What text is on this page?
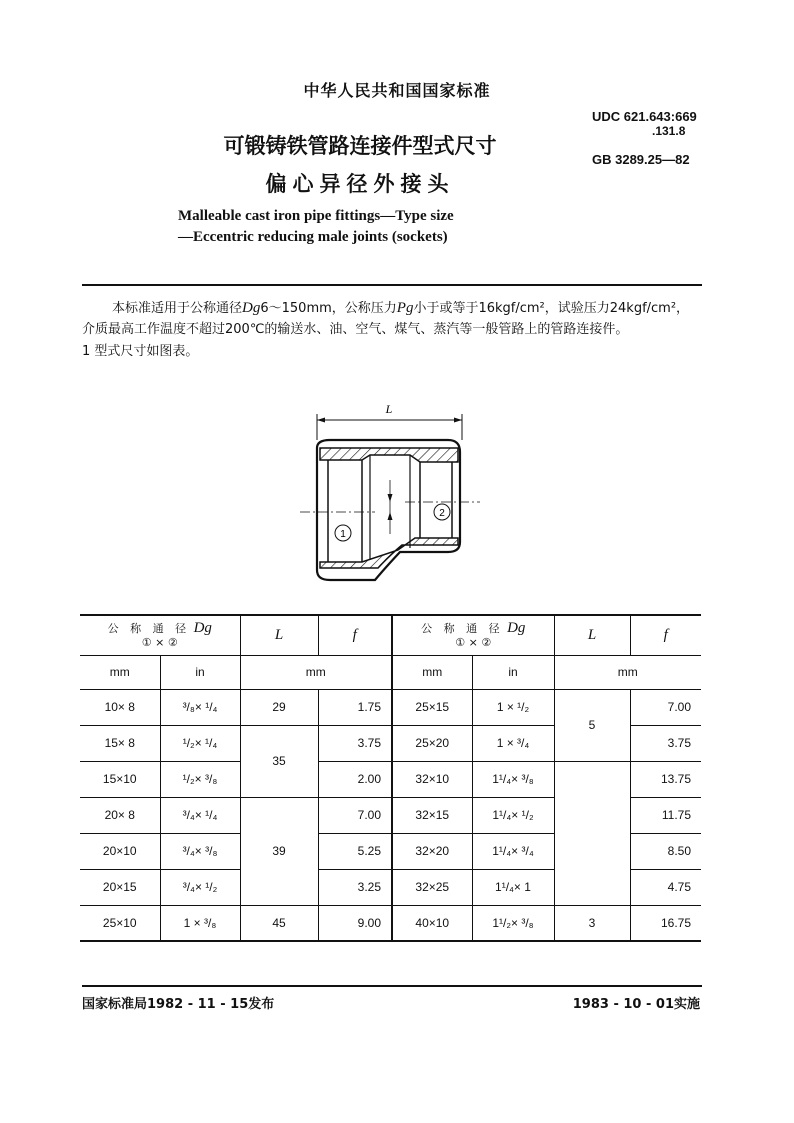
中华人民共和国国家标准
UDC 621.643:669
.131.8
GB 3289.25—82
可锻铸铁管路连接件型式尺寸
偏心异径外接头
Malleable cast iron pipe fittings—Type size
—Eccentric reducing male joints (sockets)
本标准适用于公称通径Dg6～150mm，公称压力Pg小于或等于16kgf/cm²，试验压力24kgf/cm²，
介质最高工作温度不超过200℃的输送水、油、空气、煤气、蒸汽等一般管路上的管路连接件。
1 型式尺寸如图表。
L
1
2
公 称 通 径 Dg
① × ②		L	f	公 称 通 径 Dg
① × ②		L	f
mm	in	mm		mm	in	mm	
10× 8	³/₈× ¹/₄	29	1.75	25×15	1 × ¹/₂	5	7.00
15× 8	¹/₂× ¹/₄	35	3.75	25×20	1 × ³/₄		3.75
15×10	¹/₂× ³/₈		2.00	32×10	1¹/₄× ³/₈		13.75
20× 8	³/₄× ¹/₄	39	7.00	32×15	1¹/₄× ¹/₂		11.75
20×10	³/₄× ³/₈		5.25	32×20	1¹/₄× ³/₄		8.50
20×15	³/₄× ¹/₂		3.25	32×25	1¹/₄× 1		4.75
25×10	1 × ³/₈	45	9.00	40×10	1¹/₂× ³/₈	3	16.75
国家标准局1982 - 11 - 15发布	1983 - 10 - 01实施
